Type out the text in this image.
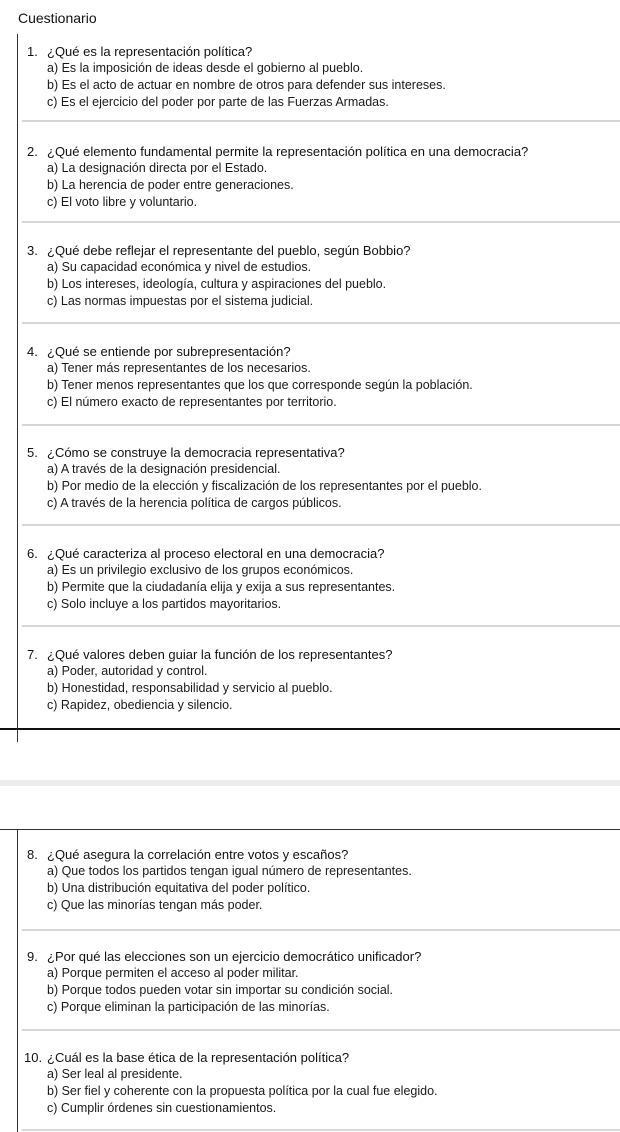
Cuestionario
1. ¿Qué es la representación política?
a) Es la imposición de ideas desde el gobierno al pueblo.
b) Es el acto de actuar en nombre de otros para defender sus intereses.
c) Es el ejercicio del poder por parte de las Fuerzas Armadas.
2. ¿Qué elemento fundamental permite la representación política en una democracia?
a) La designación directa por el Estado.
b) La herencia de poder entre generaciones.
c) El voto libre y voluntario.
3. ¿Qué debe reflejar el representante del pueblo, según Bobbio?
a) Su capacidad económica y nivel de estudios.
b) Los intereses, ideología, cultura y aspiraciones del pueblo.
c) Las normas impuestas por el sistema judicial.
4. ¿Qué se entiende por subrepresentación?
a) Tener más representantes de los necesarios.
b) Tener menos representantes que los que corresponde según la población.
c) El número exacto de representantes por territorio.
5. ¿Cómo se construye la democracia representativa?
a) A través de la designación presidencial.
b) Por medio de la elección y fiscalización de los representantes por el pueblo.
c) A través de la herencia política de cargos públicos.
6. ¿Qué caracteriza al proceso electoral en una democracia?
a) Es un privilegio exclusivo de los grupos económicos.
b) Permite que la ciudadanía elija y exija a sus representantes.
c) Solo incluye a los partidos mayoritarios.
7. ¿Qué valores deben guiar la función de los representantes?
a) Poder, autoridad y control.
b) Honestidad, responsabilidad y servicio al pueblo.
c) Rapidez, obediencia y silencio.
8. ¿Qué asegura la correlación entre votos y escaños?
a) Que todos los partidos tengan igual número de representantes.
b) Una distribución equitativa del poder político.
c) Que las minorías tengan más poder.
9. ¿Por qué las elecciones son un ejercicio democrático unificador?
a) Porque permiten el acceso al poder militar.
b) Porque todos pueden votar sin importar su condición social.
c) Porque eliminan la participación de las minorías.
10. ¿Cuál es la base ética de la representación política?
a) Ser leal al presidente.
b) Ser fiel y coherente con la propuesta política por la cual fue elegido.
c) Cumplir órdenes sin cuestionamientos.
